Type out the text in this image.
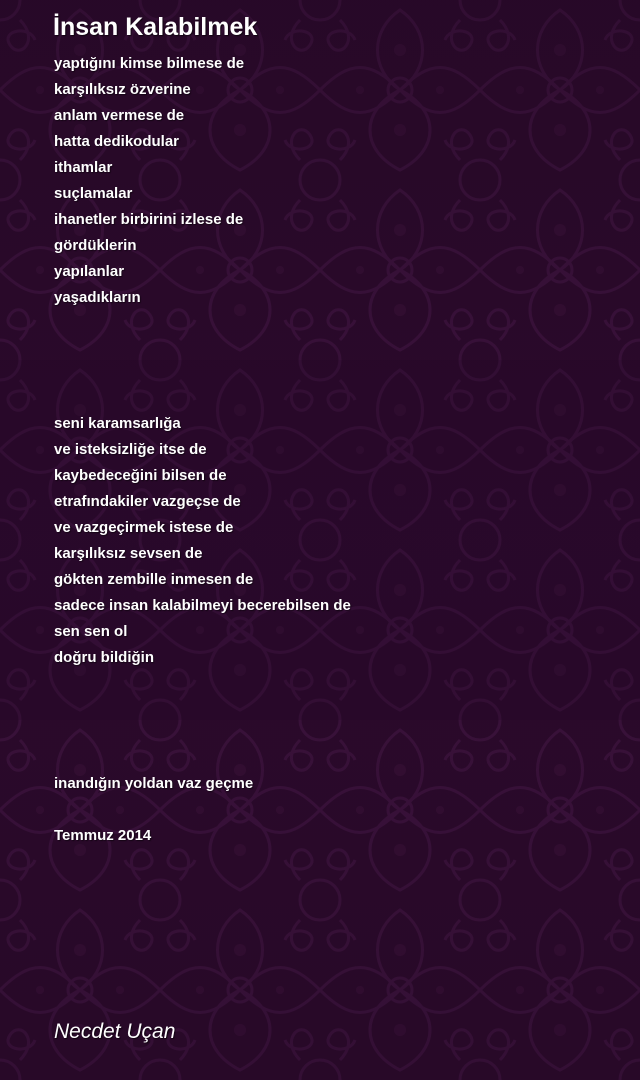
İnsan Kalabilmek
yaptığını kimse bilmese de
karşılıksız özverine
anlam vermese de
hatta dedikodular
ithamlar
suçlamalar
ihanetler birbirini izlese de
gördüklerin
yapılanlar
yaşadıkların
seni karamsarlığa
ve isteksizliğe itse de
kaybedeceğini bilsen de
etrafındakiler vazgeçse de
ve vazgeçirmek istese de
karşılıksız sevsen de
gökten zembille inmesen de
sadece insan kalabilmeyi becerebilsen de
sen sen ol
doğru bildiğin
inandığın yoldan vaz geçme
Temmuz 2014
Necdet Uçan
